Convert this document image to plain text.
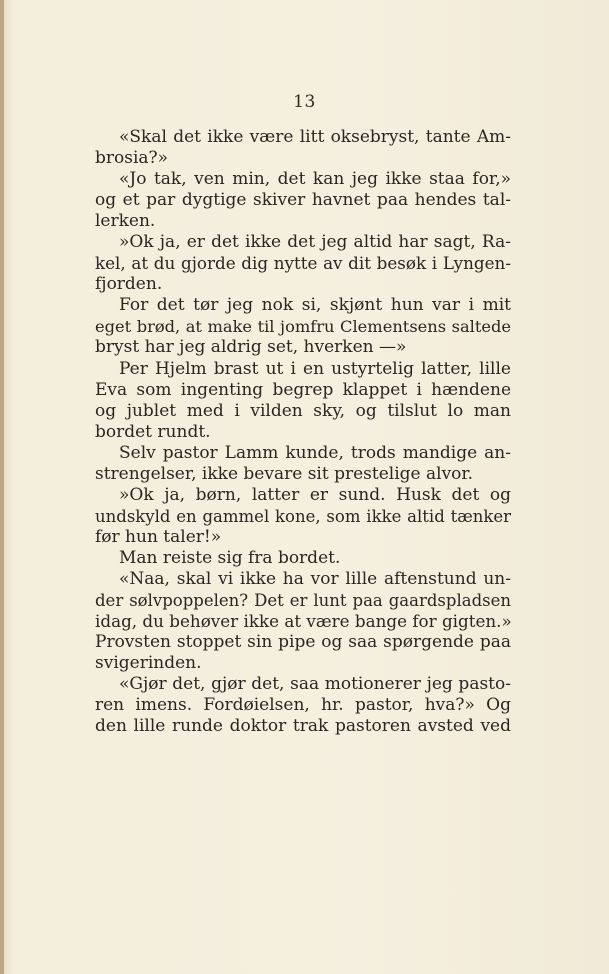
13
«Skal det ikke være litt oksebryst, tante Am-
brosia?»
«Jo tak, ven min, det kan jeg ikke staa for,»
og et par dygtige skiver havnet paa hendes tal-
lerken.
»Ok ja, er det ikke det jeg altid har sagt, Ra-
kel, at du gjorde dig nytte av dit besøk i Lyngen-
fjorden.
For det tør jeg nok si, skjønt hun var i mit
eget brød, at make til jomfru Clementsens saltede
bryst har jeg aldrig set, hverken —»
Per Hjelm brast ut i en ustyrtelig latter, lille
Eva som ingenting begrep klappet i hændene
og jublet med i vilden sky, og tilslut lo man
bordet rundt.
Selv pastor Lamm kunde, trods mandige an-
strengelser, ikke bevare sit prestelige alvor.
»Ok ja, børn, latter er sund. Husk det og
undskyld en gammel kone, som ikke altid tænker
før hun taler!»
Man reiste sig fra bordet.
«Naa, skal vi ikke ha vor lille aftenstund un-
der sølvpoppelen? Det er lunt paa gaardspladsen
idag, du behøver ikke at være bange for gigten.»
Provsten stoppet sin pipe og saa spørgende paa
svigerinden.
«Gjør det, gjør det, saa motionerer jeg pasto-
ren imens. Fordøielsen, hr. pastor, hva?» Og
den lille runde doktor trak pastoren avsted ved
